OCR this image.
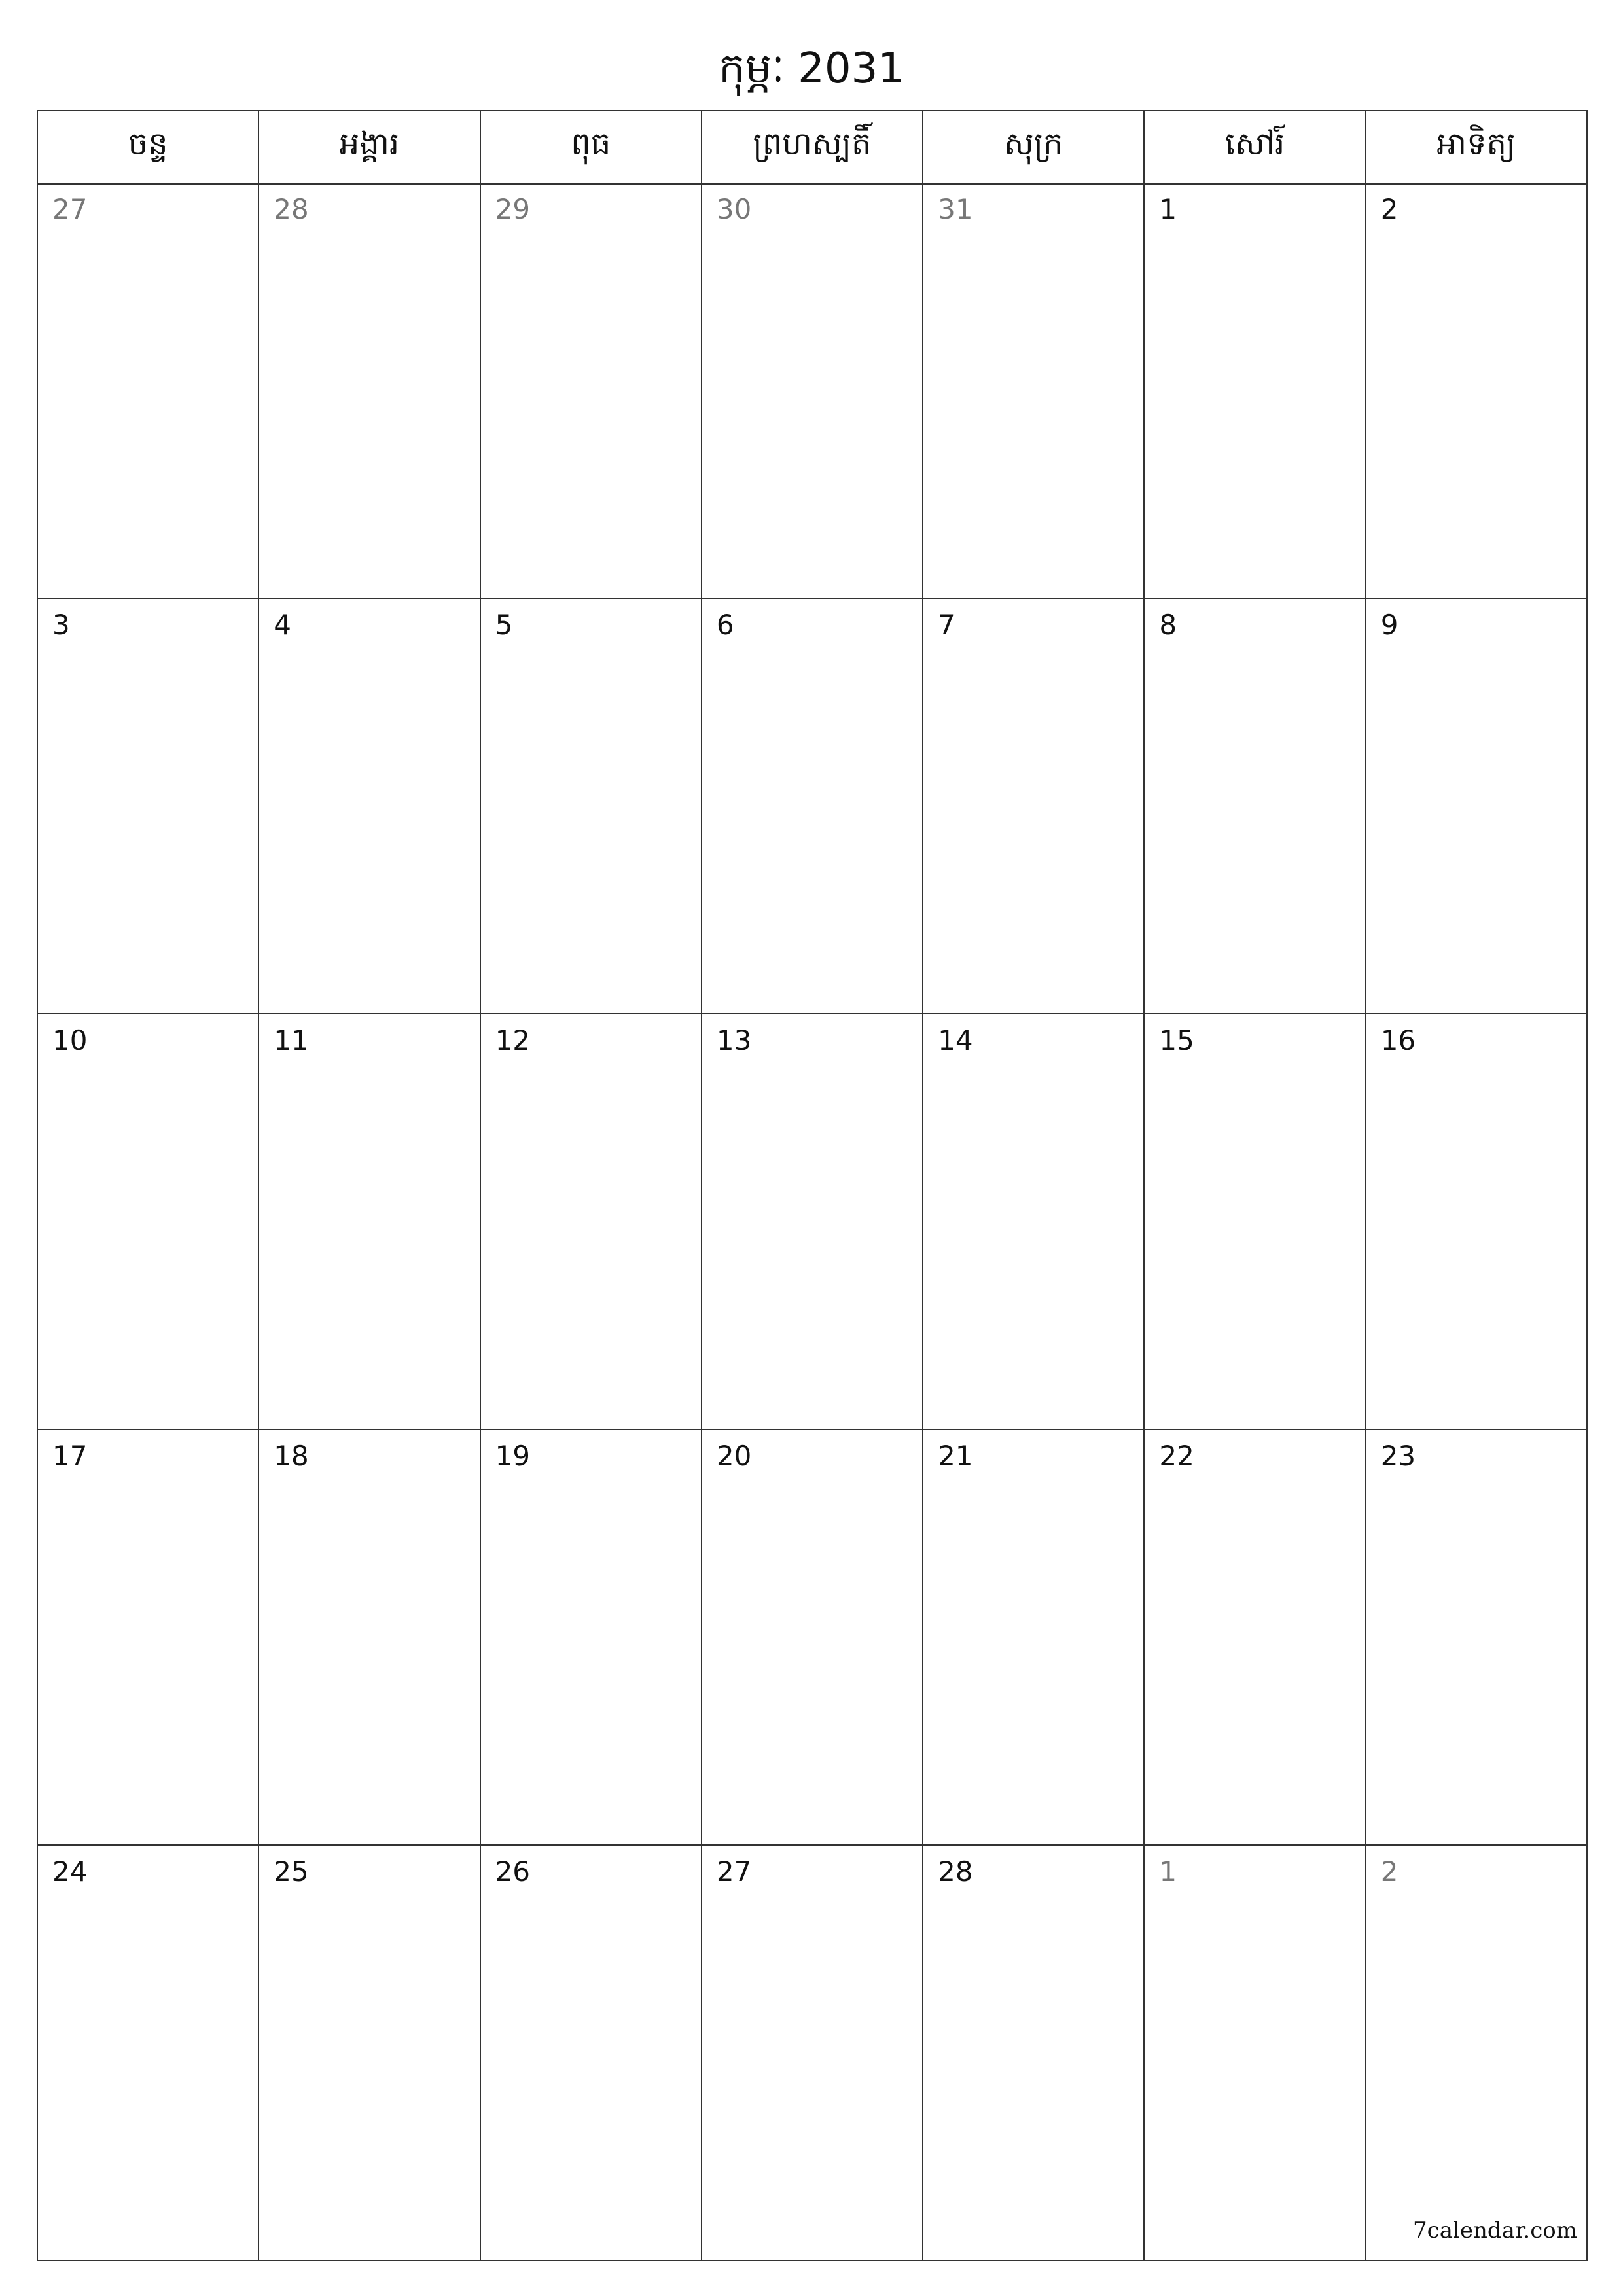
កុម្ភៈ 2031
ចន្ទ	អង្គារ	ពុធ	ព្រហស្បតិ៍	សុក្រ	សៅរ៍	អាទិត្យ
27	28	29	30	31	1	2
3	4	5	6	7	8	9
10	11	12	13	14	15	16
17	18	19	20	21	22	23
24	25	26	27	28	1	2
7calendar.com
